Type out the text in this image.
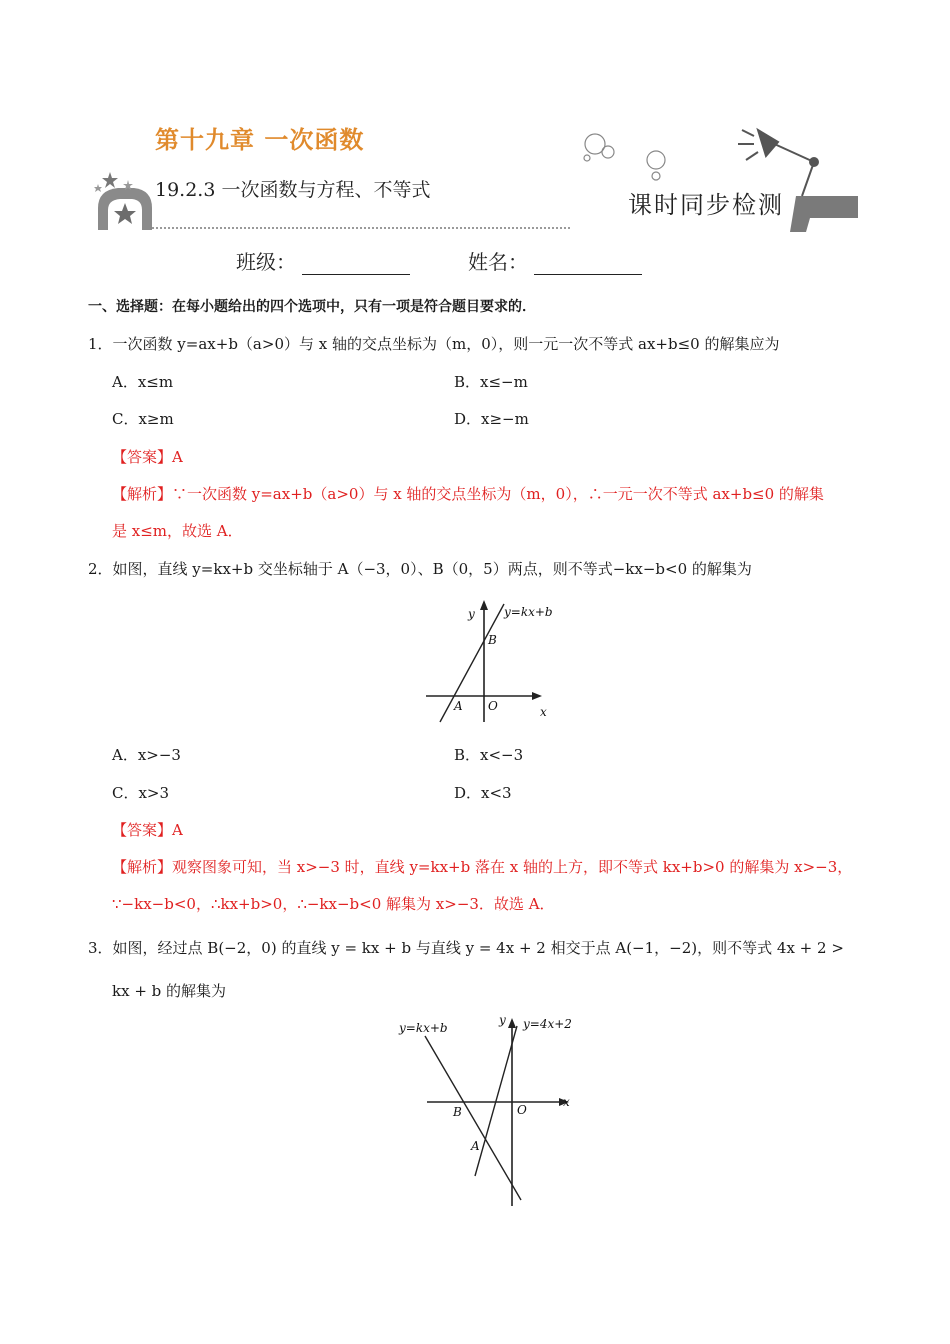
第十九章 一次函数
19.2.3 一次函数与方程、不等式
课时同步检测
班级：	姓名：
一、选择题：在每小题给出的四个选项中，只有一项是符合题目要求的．
1．一次函数 y=ax+b（a>0）与 x 轴的交点坐标为（m，0），则一元一次不等式 ax+b≤0 的解集应为
A．x≤m	B．x≤−m
C．x≥m	D．x≥−m
【答案】A
【解析】∵一次函数 y=ax+b（a>0）与 x 轴的交点坐标为（m，0），∴一元一次不等式 ax+b≤0 的解集
是 x≤m，故选 A．
2．如图，直线 y=kx+b 交坐标轴于 A（−3，0）、B（0，5）两点，则不等式−kx−b<0 的解集为
y=kx+b
y
B
A O	x
A．x>−3	B．x<−3
C．x>3	D．x<3
【答案】A
【解析】观察图象可知，当 x>−3 时，直线 y=kx+b 落在 x 轴的上方，即不等式 kx+b>0 的解集为 x>−3，
∵−kx−b<0，∴kx+b>0，∴−kx−b<0 解集为 x>−3．故选 A．
3．如图，经过点 B(−2，0) 的直线 y = kx + b 与直线 y = 4x + 2 相交于点 A(−1，−2)，则不等式 4x + 2 >
kx + b 的解集为
y=kx+b	y=4x+2
y
B
A
O
x
